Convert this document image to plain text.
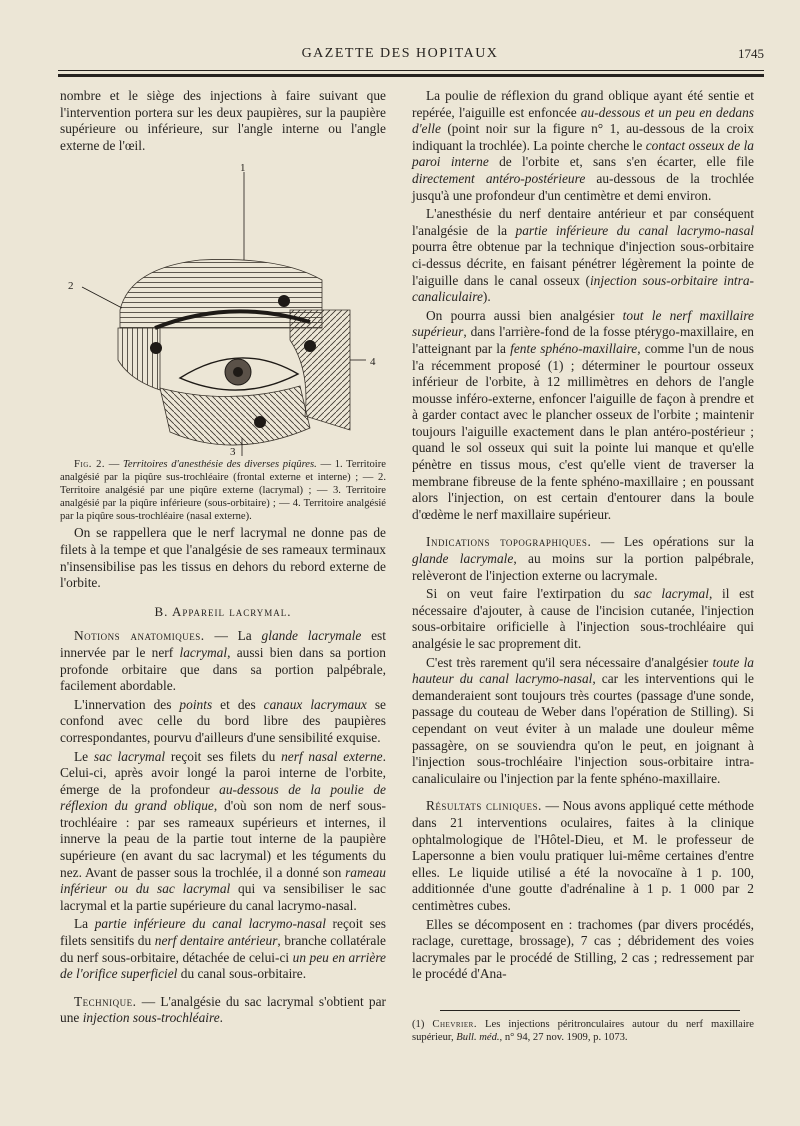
GAZETTE DES HOPITAUX	1745

nombre et le siège des injections à faire suivant que l'intervention portera sur les deux paupières, sur la paupière supérieure ou inférieure, sur l'angle interne ou l'angle externe de l'œil.

1
2
3
4

Fig. 2. — Territoires d'anesthésie des diverses piqûres. — 1. Territoire analgésié par la piqûre sus-trochléaire (frontal externe et interne) ; — 2. Territoire analgésié par une piqûre externe (lacrymal) ; — 3. Territoire analgésié par la piqûre inférieure (sous-orbitaire) ; — 4. Territoire analgésié par la piqûre sous-trochléaire (nasal externe).

On se rappellera que le nerf lacrymal ne donne pas de filets à la tempe et que l'analgésie de ses rameaux terminaux n'insensibilise pas les tissus en dehors du rebord externe de l'orbite.

B. Appareil lacrymal.

Notions anatomiques. — La glande lacrymale est innervée par le nerf lacrymal, aussi bien dans sa portion profonde orbitaire que dans sa portion palpébrale, facilement abordable.

L'innervation des points et des canaux lacrymaux se confond avec celle du bord libre des paupières correspondantes, pourvu d'ailleurs d'une sensibilité exquise.

Le sac lacrymal reçoit ses filets du nerf nasal externe. Celui-ci, après avoir longé la paroi interne de l'orbite, émerge de la profondeur au-dessous de la poulie de réflexion du grand oblique, d'où son nom de nerf sous-trochléaire : par ses rameaux supérieurs et internes, il innerve la peau de la partie tout interne de la paupière supérieure (en avant du sac lacrymal) et les téguments du nez. Avant de passer sous la trochlée, il a donné son rameau inférieur ou du sac lacrymal qui va sensibiliser le sac lacrymal et la partie supérieure du canal lacrymo-nasal.

La partie inférieure du canal lacrymo-nasal reçoit ses filets sensitifs du nerf dentaire antérieur, branche collatérale du nerf sous-orbitaire, détachée de celui-ci un peu en arrière de l'orifice superficiel du canal sous-orbitaire.

Technique. — L'analgésie du sac lacrymal s'obtient par une injection sous-trochléaire.

La poulie de réflexion du grand oblique ayant été sentie et repérée, l'aiguille est enfoncée au-dessous et un peu en dedans d'elle (point noir sur la figure n° 1, au-dessous de la croix indiquant la trochlée). La pointe cherche le contact osseux de la paroi interne de l'orbite et, sans s'en écarter, elle file directement antéro-postérieure au-dessous de la trochlée jusqu'à une profondeur d'un centimètre et demi environ.

L'anesthésie du nerf dentaire antérieur et par conséquent l'analgésie de la partie inférieure du canal lacrymo-nasal pourra être obtenue par la technique d'injection sous-orbitaire ci-dessus décrite, en faisant pénétrer légèrement la pointe de l'aiguille dans le canal osseux (injection sous-orbitaire intra-canaliculaire).

On pourra aussi bien analgésier tout le nerf maxillaire supérieur, dans l'arrière-fond de la fosse ptérygo-maxillaire, en l'atteignant par la fente sphéno-maxillaire, comme l'un de nous l'a récemment proposé (1) ; déterminer le pourtour osseux inférieur de l'orbite, à 12 millimètres en dehors de l'angle mousse inféro-externe, enfoncer l'aiguille de façon à prendre et à garder contact avec le plancher osseux de l'orbite ; maintenir toujours l'aiguille exactement dans le plan antéro-postérieur ; quand le sol osseux qui suit la pointe lui manque et qu'elle pénètre en tissus mous, c'est qu'elle vient de traverser la membrane fibreuse de la fente sphéno-maxillaire ; en poussant alors l'injection, on est certain d'entourer dans la boule d'œdème le nerf maxillaire supérieur.

Indications topographiques. — Les opérations sur la glande lacrymale, au moins sur la portion palpébrale, relèveront de l'injection externe ou lacrymale.

Si on veut faire l'extirpation du sac lacrymal, il est nécessaire d'ajouter, à cause de l'incision cutanée, l'injection sous-orbitaire orificielle à l'injection sous-trochléaire qui analgésie le sac proprement dit.

C'est très rarement qu'il sera nécessaire d'analgésier toute la hauteur du canal lacrymo-nasal, car les interventions qui le demanderaient sont toujours très courtes (passage d'une sonde, passage du couteau de Weber dans l'opération de Stilling). Si cependant on veut éviter à un malade une douleur même passagère, on se souviendra qu'on le peut, en joignant à l'injection sous-trochléaire l'injection sous-orbitaire intra-canaliculaire ou l'injection par la fente sphéno-maxillaire.

Résultats cliniques. — Nous avons appliqué cette méthode dans 21 interventions oculaires, faites à la clinique ophtalmologique de l'Hôtel-Dieu, et M. le professeur de Lapersonne a bien voulu pratiquer lui-même certaines d'entre elles. Le liquide utilisé a été la novocaïne à 1 p. 100, additionnée d'une goutte d'adrénaline à 1 p. 1 000 par 2 centimètres cubes.

Elles se décomposent en : trachomes (par divers procédés, raclage, curettage, brossage), 7 cas ; débridement des voies lacrymales par le procédé de Stilling, 2 cas ; redressement par le procédé d'Ana-

(1) Chevrier. Les injections péritronculaires autour du nerf maxillaire supérieur, Bull. méd., n° 94, 27 nov. 1909, p. 1073.
